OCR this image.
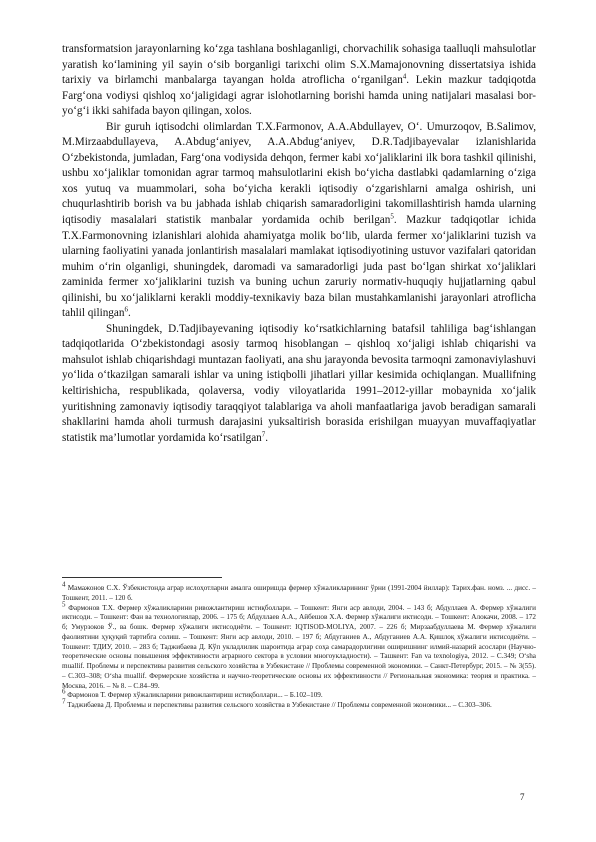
transformatsion jarayonlarning ko‘zga tashlana boshlaganligi, chorvachilik sohasiga taalluqli mahsulotlar yaratish ko‘lamining yil sayin o‘sib borganligi tarixchi olim S.X.Mamajonovning dissertatsiya ishida tarixiy va birlamchi manbalarga tayangan holda atroflicha o‘rganilgan$^4$. Lekin mazkur tadqiqotda Farg‘ona vodiysi qishloq xo‘jaligidagi agrar islohotlarning borishi hamda uning natijalari masalasi bor-yo‘g‘i ikki sahifada bayon qilingan, xolos.

Bir guruh iqtisodchi olimlardan T.X.Farmonov, A.A.Abdullayev, O‘. Umurzoqov, B.Salimov, M.Mirzaabdullayeva, A.Abdug‘aniyev, A.A.Abdug‘aniyev, D.R.Tadjibayevalar izlanishlarida O‘zbekistonda, jumladan, Farg‘ona vodiysida dehqon, fermer kabi xo‘jaliklarini ilk bora tashkil qilinishi, ushbu xo‘jaliklar tomonidan agrar tarmoq mahsulotlarini ekish bo‘yicha dastlabki qadamlarning o‘ziga xos yutuq va muammolari, soha bo‘yicha kerakli iqtisodiy o‘zgarishlarni amalga oshirish, uni chuqurlashtirib borish va bu jabhada ishlab chiqarish samaradorligini takomillashtirish hamda ularning iqtisodiy masalalari statistik manbalar yordamida ochib berilgan$^5$. Mazkur tadqiqotlar ichida T.X.Farmonovning izlanishlari alohida ahamiyatga molik bo‘lib, ularda fermer xo‘jaliklarini tuzish va ularning faoliyatini yanada jonlantirish masalalari mamlakat iqtisodiyotining ustuvor vazifalari qatoridan muhim o‘rin olganligi, shuningdek, daromadi va samaradorligi juda past bo‘lgan shirkat xo‘jaliklari zaminida fermer xo‘jaliklarini tuzish va buning uchun zaruriy normativ-huquqiy hujjatlarning qabul qilinishi, bu xo‘jaliklarni kerakli moddiy-texnikaviy baza bilan mustahkamlanishi jarayonlari atroflicha tahlil qilingan$^6$.

Shuningdek, D.Tadjibayevaning iqtisodiy ko‘rsatkichlarning batafsil tahliliga bag‘ishlangan tadqiqotlarida O‘zbekistondagi asosiy tarmoq hisoblangan – qishloq xo‘jaligi ishlab chiqarishi va mahsulot ishlab chiqarishdagi muntazan faoliyati, ana shu jarayonda bevosita tarmoqni zamonaviylashuvi yo‘lida o‘tkazilgan samarali ishlar va uning istiqbolli jihatlari yillar kesimida ochiqlangan. Muallifning keltirishicha, respublikada, qolaversa, vodiy viloyatlarida 1991–2012-yillar mobaynida xo‘jalik yuritishning zamonaviy iqtisodiy taraqqiyot talablariga va aholi manfaatlariga javob beradigan samarali shakllarini hamda aholi turmush darajasini yuksaltirish borasida erishilgan muayyan muvaffaqiyatlar statistik ma’lumotlar yordamida ko‘rsatilgan$^7$.

$^4$ Мамажонов С.Х. Ўзбекистонда аграр ислоҳотларни амалга оширишда фермер хўжаликларининг ўрни (1991-2004 йиллар): Тарих.фан. номз. ... дисс. – Тошкент, 2011. – 120 б.

$^5$ Фармонов Т.Х. Фермер хўжаликларини ривожлантириш истиқболлари. – Тошкент: Янги аср авлоди, 2004. – 143 б; Абдуллаев А. Фермер хўжалиги иктисоди. – Тошкент: Фан ва технологиялар, 2006. – 175 б; Абдуллаев А.А., Айбешов Х.А. Фермер хўжалиги иктисоди. – Тошкент: Алокачи, 2008. – 172 б; Умурзоков Ў., ва бошк. Фермер хўжалиги иктисодиёти. – Тошкент: IQTISOD-MOLIYA, 2007. – 226 б; Мирзаабдуллаева М. Фермер хўжалиги фаолиятини ҳуқуқий тартибга солиш. – Тошкент: Янги аср авлоди, 2010. – 197 б; Абдуганиев А., Абдуганиев А.А. Қишлоқ хўжалиги иктисодиёти. – Тошкент: ТДИУ, 2010. – 283 б; Таджибаева Д. Кўп укладлилик шароитида аграр соҳа самарадорлигини оширишнинг илмий-назарий асослари (Научно-теоретические основы повышения эффективности аграрного сектора в условии многоукладности). – Ташкент: Fan va texnologiya, 2012. – С.349; O‘sha muallif. Проблемы и перспективы развития сельского хозяйства в Узбекистане // Проблемы современной экономики. – Санкт-Петербург, 2015. – № 3(55). – С.303–308; O‘sha muallif. Фермерские хозяйства и научно-теоретические основы их эффективности // Региональная экономика: теория и практика. – Москва, 2016. – № 8. – С.84–99.

$^6$ Фармонов Т. Фермер хўжаликларини ривожлантириш истиқболлари... – Б.102–109.

$^7$ Таджибаева Д. Проблемы и перспективы развития сельского хозяйства в Узбекистане // Проблемы современной экономики... – С.303–306.

7
